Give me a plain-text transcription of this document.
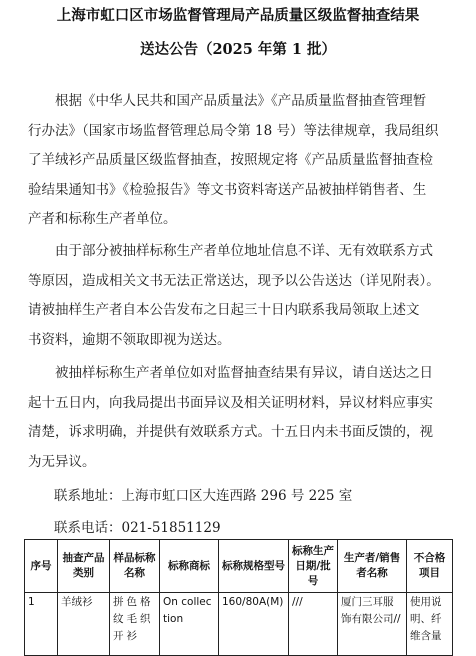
上海市虹口区市场监督管理局产品质量区级监督抽查结果
送达公告（2025 年第 1 批）
　　根据《中华人民共和国产品质量法》《产品质量监督抽查管理暂
行办法》（国家市场监督管理总局令第 18 号）等法律规章，我局组织
了羊绒衫产品质量区级监督抽查，按照规定将《产品质量监督抽查检
验结果通知书》《检验报告》等文书资料寄送产品被抽样销售者、生
产者和标称生产者单位。
　　由于部分被抽样标称生产者单位地址信息不详、无有效联系方式
等原因，造成相关文书无法正常送达，现予以公告送达（详见附表）。
请被抽样生产者自本公告发布之日起三十日内联系我局领取上述文
书资料，逾期不领取即视为送达。
　　被抽样标称生产者单位如对监督抽查结果有异议，请自送达之日
起十五日内，向我局提出书面异议及相关证明材料，异议材料应事实
清楚，诉求明确，并提供有效联系方式。十五日内未书面反馈的，视
为无异议。
联系地址：上海市虹口区大连西路 296 号 225 室
联系电话：021-51851129
序号	抽查产品类别	样品标称名称	标称商标	标称规格型号	标称生产日期/批号	生产者/销售者名称	不合格项目
1	羊绒衫	拼色格纹毛织开衫	On collection	160/80A(M)	///	厦门三耳服饰有限公司//	使用说明、纤维含量
